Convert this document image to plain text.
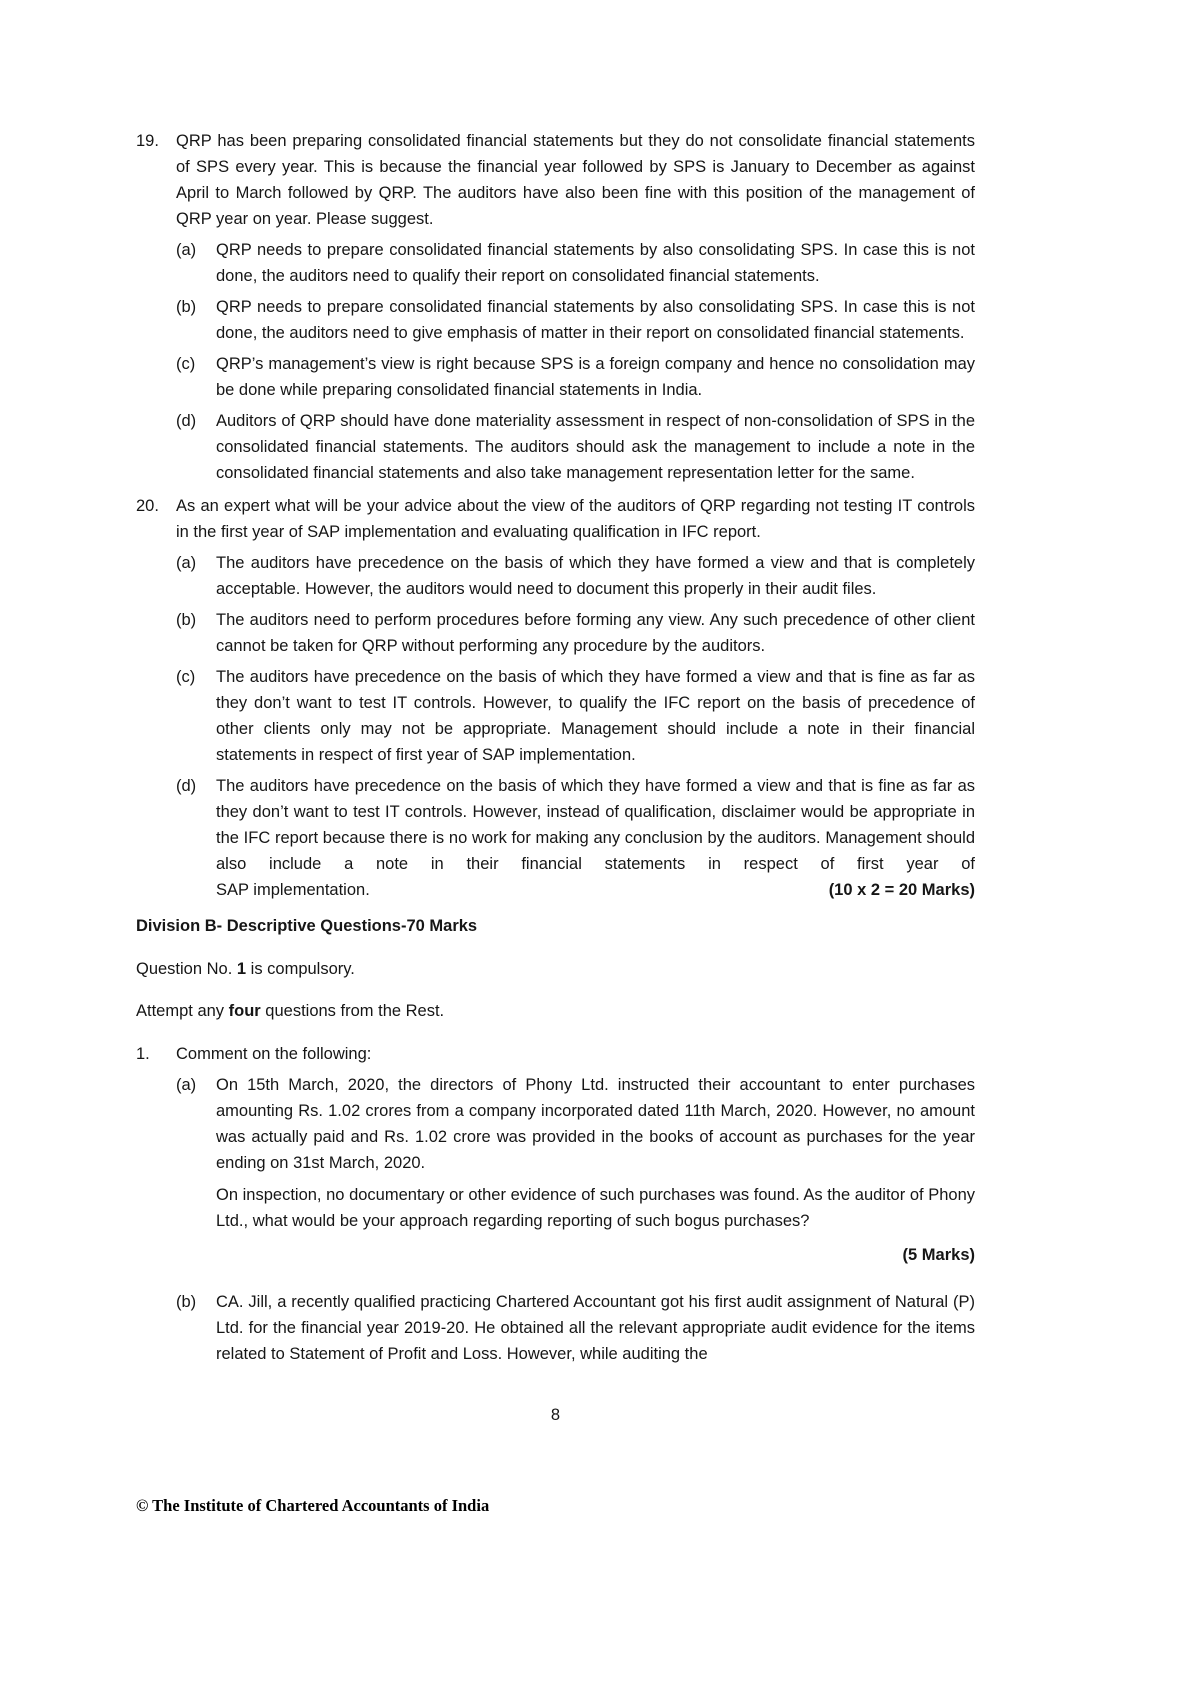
19.	QRP has been preparing consolidated financial statements but they do not consolidate financial statements of SPS every year. This is because the financial year followed by SPS is January to December as against April to March followed by QRP. The auditors have also been fine with this position of the management of QRP year on year. Please suggest.

(a)	QRP needs to prepare consolidated financial statements by also consolidating SPS. In case this is not done, the auditors need to qualify their report on consolidated financial statements.

(b)	QRP needs to prepare consolidated financial statements by also consolidating SPS. In case this is not done, the auditors need to give emphasis of matter in their report on consolidated financial statements.

(c)	QRP’s management’s view is right because SPS is a foreign company and hence no consolidation may be done while preparing consolidated financial statements in India.

(d)	Auditors of QRP should have done materiality assessment in respect of non-consolidation of SPS in the consolidated financial statements. The auditors should ask the management to include a note in the consolidated financial statements and also take management representation letter for the same.

20.	As an expert what will be your advice about the view of the auditors of QRP regarding not testing IT controls in the first year of SAP implementation and evaluating qualification in IFC report.

(a)	The auditors have precedence on the basis of which they have formed a view and that is completely acceptable. However, the auditors would need to document this properly in their audit files.

(b)	The auditors need to perform procedures before forming any view. Any such precedence of other client cannot be taken for QRP without performing any procedure by the auditors.

(c)	The auditors have precedence on the basis of which they have formed a view and that is fine as far as they don’t want to test IT controls. However, to qualify the IFC report on the basis of precedence of other clients only may not be appropriate. Management should include a note in their financial statements in respect of first year of SAP implementation.

(d)	The auditors have precedence on the basis of which they have formed a view and that is fine as far as they don’t want to test IT controls. However, instead of qualification, disclaimer would be appropriate in the IFC report because there is no work for making any conclusion by the auditors. Management should also include a note in their financial statements in respect of first year of

SAP implementation.	(10 x 2 = 20 Marks)

Division B- Descriptive Questions-70 Marks

Question No. 1 is compulsory.

Attempt any four questions from the Rest.

1.	Comment on the following:

(a)	On 15th March, 2020, the directors of Phony Ltd. instructed their accountant to enter purchases amounting Rs. 1.02 crores from a company incorporated dated 11th March, 2020. However, no amount was actually paid and Rs. 1.02 crore was provided in the books of account as purchases for the year ending on 31st March, 2020.

On inspection, no documentary or other evidence of such purchases was found. As the auditor of Phony Ltd., what would be your approach regarding reporting of such bogus purchases?

(5 Marks)

(b)	CA. Jill, a recently qualified practicing Chartered Accountant got his first audit assignment of Natural (P) Ltd. for the financial year 2019-20. He obtained all the relevant appropriate audit evidence for the items related to Statement of Profit and Loss. However, while auditing the

8
© The Institute of Chartered Accountants of India
